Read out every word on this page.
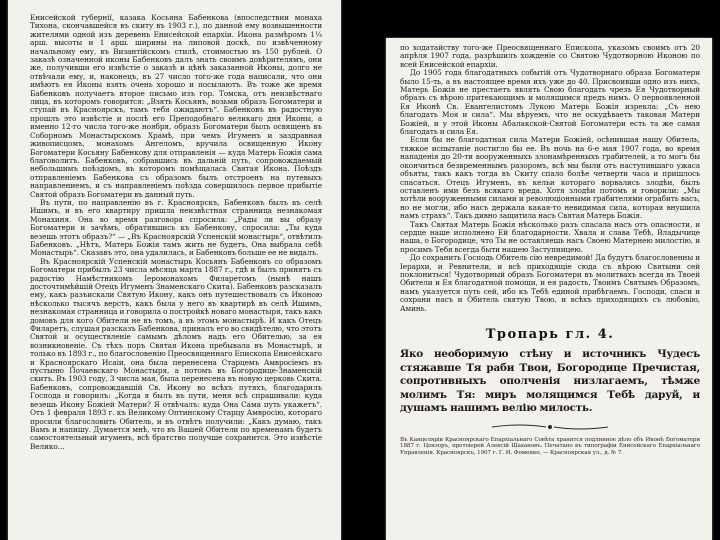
Енисейской губернії, казака Косьяна Бабенкова (впоследствии монаха Тихона, скончавшейся въ скиту въ 1903 г.), по данной ему возвышенности жителями одной изъ деревень Енисейской епархіи. Икона размѣромъ 1¼ арш. высоты и 1 арш. ширины на липовой доскѣ, по извѣченному начальному ему, въ Византійскомъ стилѣ, стоимостью въ 150 рублей. О заказѣ означенной иконы Бабенковъ далъ знать своимъ довѣрителямъ, они же, получивши его извѣстіе о заказѣ и цѣнѣ заказанной Иконы, долго не отвѣчали ему, и, наконецъ, въ 27 число того-же года написали, что они имѣютъ ея Иконы взять очень хорошо и посылаютъ. Въ тоже же время Бабенковъ получаетъ второе письмо изъ гор. Томска, отъ неизвѣстнаго лица, въ которомъ говорится: „Взять Косьянъ, возьми образъ Богоматери и ступай въ Красноярскъ, тамъ тебя ожидаютъ“. Бабенковъ въ радостную прошлъ это извѣстіе и послѣ его Преподобнаго великаго дня Иконы, а именно 12-го числа того-же ноября, образъ Богоматери былъ освященъ въ Соборномъ Монастырскомъ Храмѣ, при чемъ Игуменъ и заздравная живописцомъ, монахомъ Ангеломъ, вручила освященную Икону Богоматери Косьяну Бабенкову для отправленія — куда Матерь Божія сама благоволитъ. Бабенковъ, собравшись въ дальній путь, сопровождаемый небольшимъ поѣздомъ, въ которомъ помѣщалась Святая Икона. Поѣздъ отправленіемъ Бабенкова съ образомъ былъ отстроенъ на путевыхъ направлениемъ, и съ направленіемъ поѣзда совершилось первое прибытіе Святой образъ Богоматери въ данный путь.

Въ пути, по направленію въ г. Красноярскъ, Бабенковъ былъ въ селѣ Ишимъ, и въ его квартиру пришла неизвѣстная странница незнакомая Монахиня. Она во время разговора спросила: „Рады ли вы образу Богоматери и зачѣмъ, обратившись къ Бабенкову, спросила: „Ты куда везешь этотъ образъ?“ — „Въ Красноярскій Успенскій монастырь“, отвѣтилъ Бабенковъ. „Нѣтъ, Матерь Божія тамъ жить не будетъ, Она выбрала себѣ Монастырь“. Сказавъ это, она удалилась, и Бабенковъ больше ее не видалъ.

Въ Красноярскій Успенскій монастырь Косьянъ Бабенковъ со образомъ Богоматери прибылъ 23 числа мѣсяца марта 1887 г., гдѣ и былъ принятъ съ радостію Намѣстникомъ Іеромонахомъ Филаретомъ (нынѣ нашъ досточтимѣйшій Отецъ Игуменъ Знаменскаго Скита). Бабенковъ разсказалъ ему, какъ разъискали Святую Икону, какъ онъ путешествовалъ съ Иконою нѣсколько тысячъ верстъ, какъ была у него въ квартирѣ въ селѣ Ишимъ, незнакомая странница и говорила о постройкѣ новаго монастыря, такъ какъ домовъ для кого Обители не въ томъ, а въ этомъ монастырѣ. И какъ Отецъ Филаретъ, слушая разсказъ Бабенкова, приналъ его во свидѣтелю, что этотъ Святой и осуществленіе самымъ дѣломъ надъ его Обителью, за ея возникновеніе. Съ тѣхъ поръ Святая Икона пребывала въ Монастырѣ, и только въ 1893 г., по благословенію Преосвященнаго Епископа Енисейскаго и Красноярскаго Исаіи, она была перенесена Старцемъ Амвросіемъ въ пустыню Почаевскаго Монастыря, а потомъ въ Богородице-Знаменскій скитъ. Въ 1903 году, 3 числа мая, была перенесена въ новую церковь Скита. Бабенковъ, сопровождавшій Св. Икону во всѣхъ путяхъ, благодарилъ Господа и говорилъ: „Когда я былъ въ пути, меня всѣ спрашивали: куда везешь Икону Божіей Матери? Я отвѣчалъ: куда Она Сама путь укажетъ“. Отъ 1 февраля 1893 г. къ Великому Оптинскому Старцу Амвросію, котораго просили благословить Обитель, и въ отвѣтъ получили: „Какъ думаю, такъ Вамъ и напишу. Думается мнѣ, что въ Вашей Обители по временамъ будетъ самостоятельный игуменъ, всѣ братство получше сохранится. Это извѣстіе Велико...

по ходатайству того-же Преосвященнаго Епископа, указомъ своимъ отъ 20 апрѣля 1907 года, разрѣшилъ хожденіе со Святою Чудотворною Иконою по всей Енисейской епархіи.

До 1905 года благодатныхъ событій отъ Чудотворнаго образа Богоматери было 15-ть, а въ настоящее время ихъ уже до 40. Присвоивши одно изъ нихъ, Матерь Божія не престаетъ являть Свою благодать чрезъ Ея Чудотворный образъ съ вѣрою притекающимъ и молящимся предъ нимъ. О первоявленной Ея Иконѣ Св. Евангелистомъ Лукою Матерь Божія изрекла: „Съ нею благодать Моя и сила“. Мы вѣруемъ, что не оскудѣваетъ таковая Матери Божіей, и у этой Иконы Абалакской-Святой Богоматери есть та же самая благодать и сила Ея.

Если бы не благодатная сила Матери Божіей, осѣнившая нашу Обитель, тяжкое испытаніе постигло бы ее. Въ ночь на 6-е мая 1907 года, во время нападенія до 20-ти вооруженныхъ злонамѣренныхъ грабителей, а то могъ бы окончиться безвременнымъ разоромъ, всѣ мы были отъ наступившаго ужаса объяты, такъ какъ тогда въ Скиту спало болѣе четверти часа и пришлось спасаться. Отецъ Игуменъ, въ кельи котораго ворвались злодѣи, былъ оставленъ ими безъ всякаго вреда. Хотя злодѣи потомъ и говорили: „Мы хотѣли вооруженными силами и революціонными грабителями ограбить васъ, но не могли, ибо насъ держала какая-то невидимая сила, которая внушила намъ страхъ“. Такъ дивно защитила насъ Святая Матерь Божія.

Такъ Святая Матерь Божія нѣсколько разъ спасала насъ отъ опасности, и сердце наше исполнено Ей благодарности. Хвала и слава Тебѣ, Владычице наша, о Богородице, что Ты не оставляешь насъ Своею Матернею милостію, и просимъ Тебя всегда быти нашею Заступницею.

До сохранить Господь Обитель сію невредимой! Да будутъ благословенны и Іерархи, и Ревнители, и всѣ приходящіе сюда съ вѣрою Святыни сей поклониться! Чудотворный образъ Богоматери въ молитвахъ всегда въ Твоей Обители и Ея благодатной помощи, и ея радость, Твоимъ Святымъ Образомъ, намъ указуется путь сей, ибо къ Тебѣ единой прибѣгаемъ. Господи, спаси и сохрани насъ и Обитель святую Твою, и всѣхъ приходящихъ съ любовію, Аминь.

Тропарь гл. 4.

Яко необоримую стѣну и источникъ Чудесъ стяжавше Тя раби Твои, Богородице Пречистая, сопротивныхъ ополченія низлагаемъ, тѣмже молимъ Тя: миръ молящимся Тебѣ даруй, и душамъ нашимъ велію милость.

Въ Канцеляріи Красноярскаго Епархіальнаго Совѣта хранится подлинное дѣло объ Иконѣ Богоматери 1887 г. Цензоръ, протоіерей Алексій Шахановъ. Печатано въ типографіи Енисейскаго Епархіальнаго Управленія. Красноярскъ, 1907 г. Г. И. Фоменко, — Красноярская ул., д. № 7.
